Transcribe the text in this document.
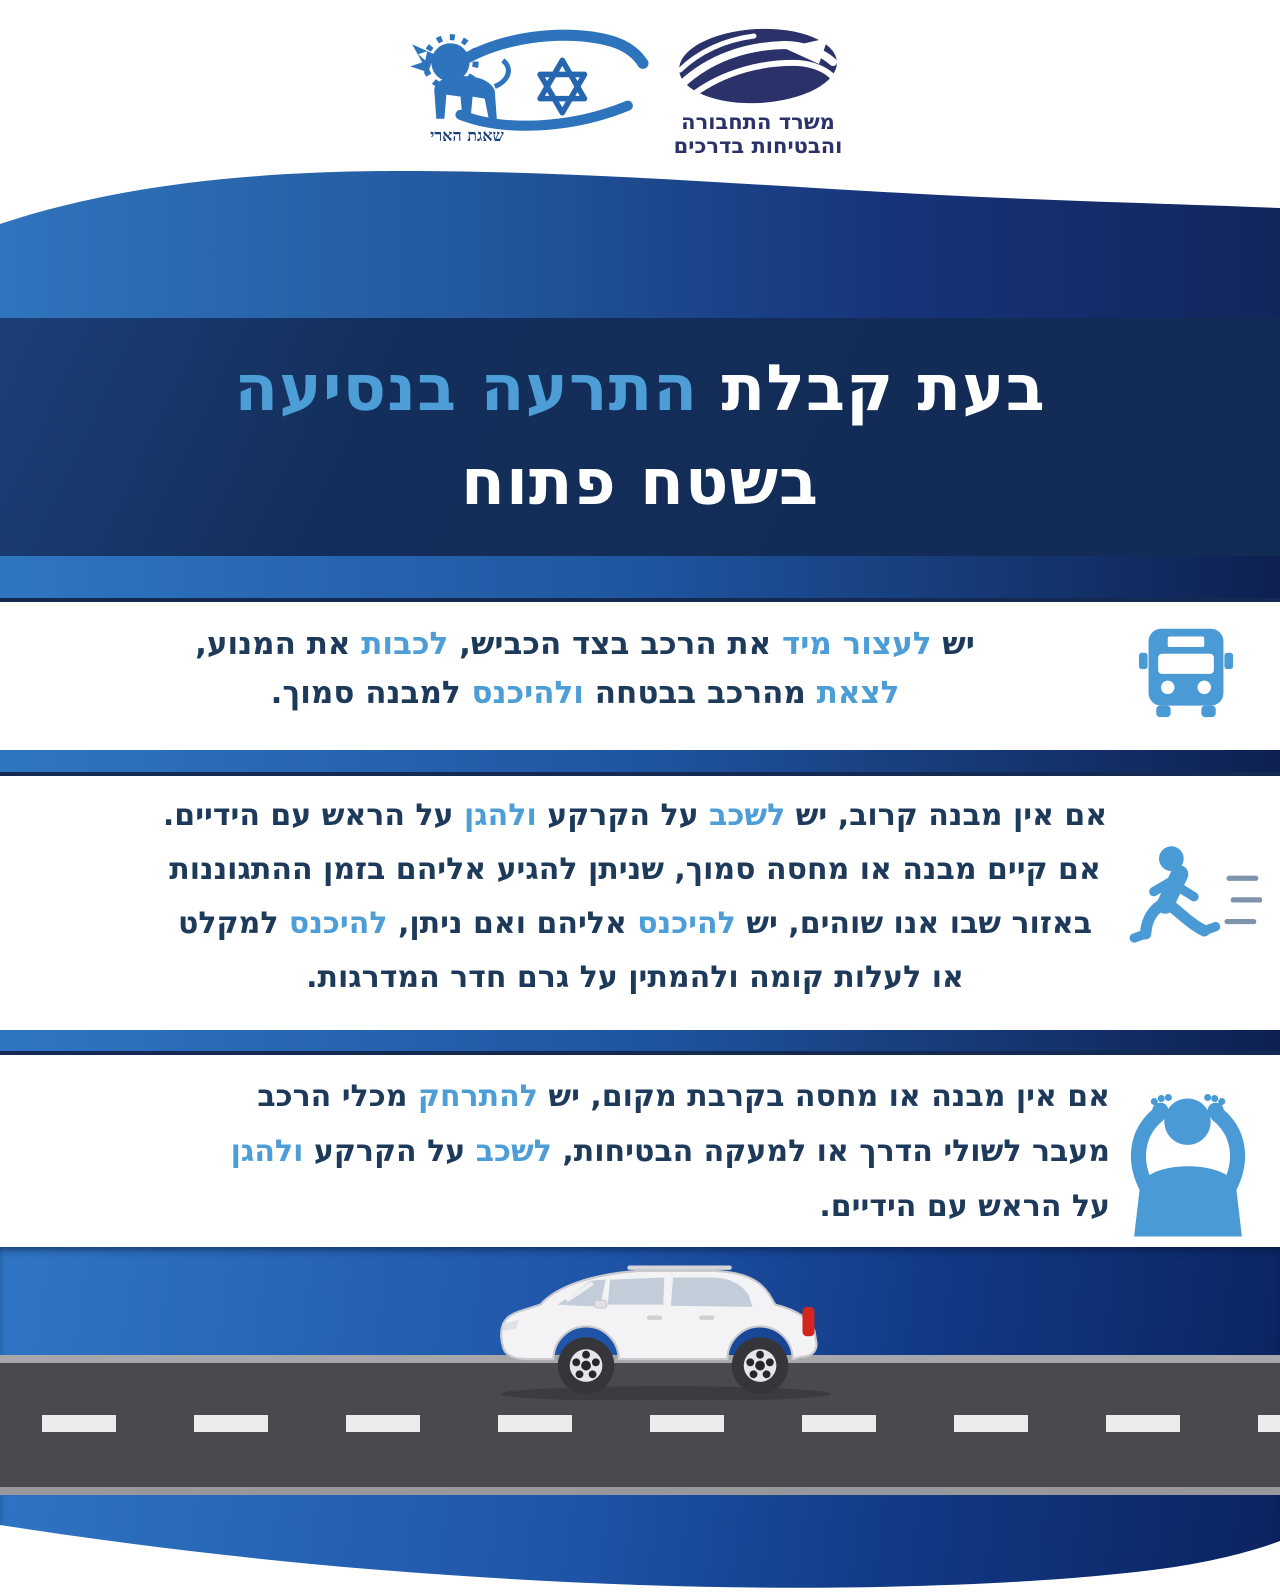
שאגת הארי
משרד התחבורה
והבטיחות בדרכים
בעת קבלת התרעה בנסיעה
בשטח פתוח
יש לעצור מיד את הרכב בצד הכביש, לכבות את המנוע,
לצאת מהרכב בבטחה ולהיכנס למבנה סמוך.
אם אין מבנה קרוב, יש לשכב על הקרקע ולהגן על הראש עם הידיים.
אם קיים מבנה או מחסה סמוך, שניתן להגיע אליהם בזמן ההתגוננות
באזור שבו אנו שוהים, יש להיכנס אליהם ואם ניתן, להיכנס למקלט
או לעלות קומה ולהמתין על גרם חדר המדרגות.
אם אין מבנה או מחסה בקרבת מקום, יש להתרחק מכלי הרכב
מעבר לשולי הדרך או למעקה הבטיחות, לשכב על הקרקע ולהגן
על הראש עם הידיים.
